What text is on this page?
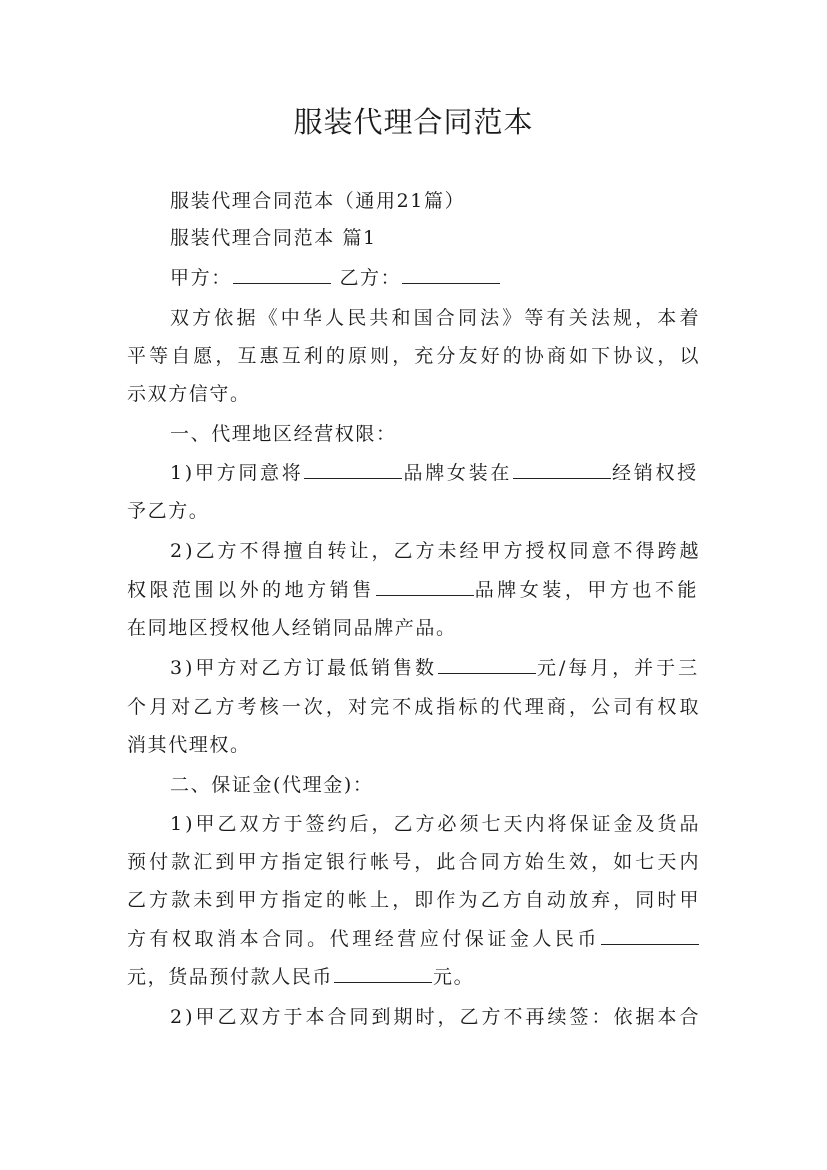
服装代理合同范本
服装代理合同范本（通用21篇）
服装代理合同范本 篇1
甲方：	乙方：
双方依据《中华人民共和国合同法》等有关法规，本着
平等自愿，互惠互利的原则，充分友好的协商如下协议，以
示双方信守。
一、代理地区经营权限：
1)甲方同意将	品牌女装在	经销权授
予乙方。
2)乙方不得擅自转让，乙方未经甲方授权同意不得跨越
权限范围以外的地方销售	品牌女装，甲方也不能
在同地区授权他人经销同品牌产品。
3)甲方对乙方订最低销售数	元/每月，并于三
个月对乙方考核一次，对完不成指标的代理商，公司有权取
消其代理权。
二、保证金(代理金)：
1)甲乙双方于签约后，乙方必须七天内将保证金及货品
预付款汇到甲方指定银行帐号，此合同方始生效，如七天内
乙方款未到甲方指定的帐上，即作为乙方自动放弃，同时甲
方有权取消本合同。代理经营应付保证金人民币
元，货品预付款人民币	元。
2)甲乙双方于本合同到期时，乙方不再续签：依据本合
